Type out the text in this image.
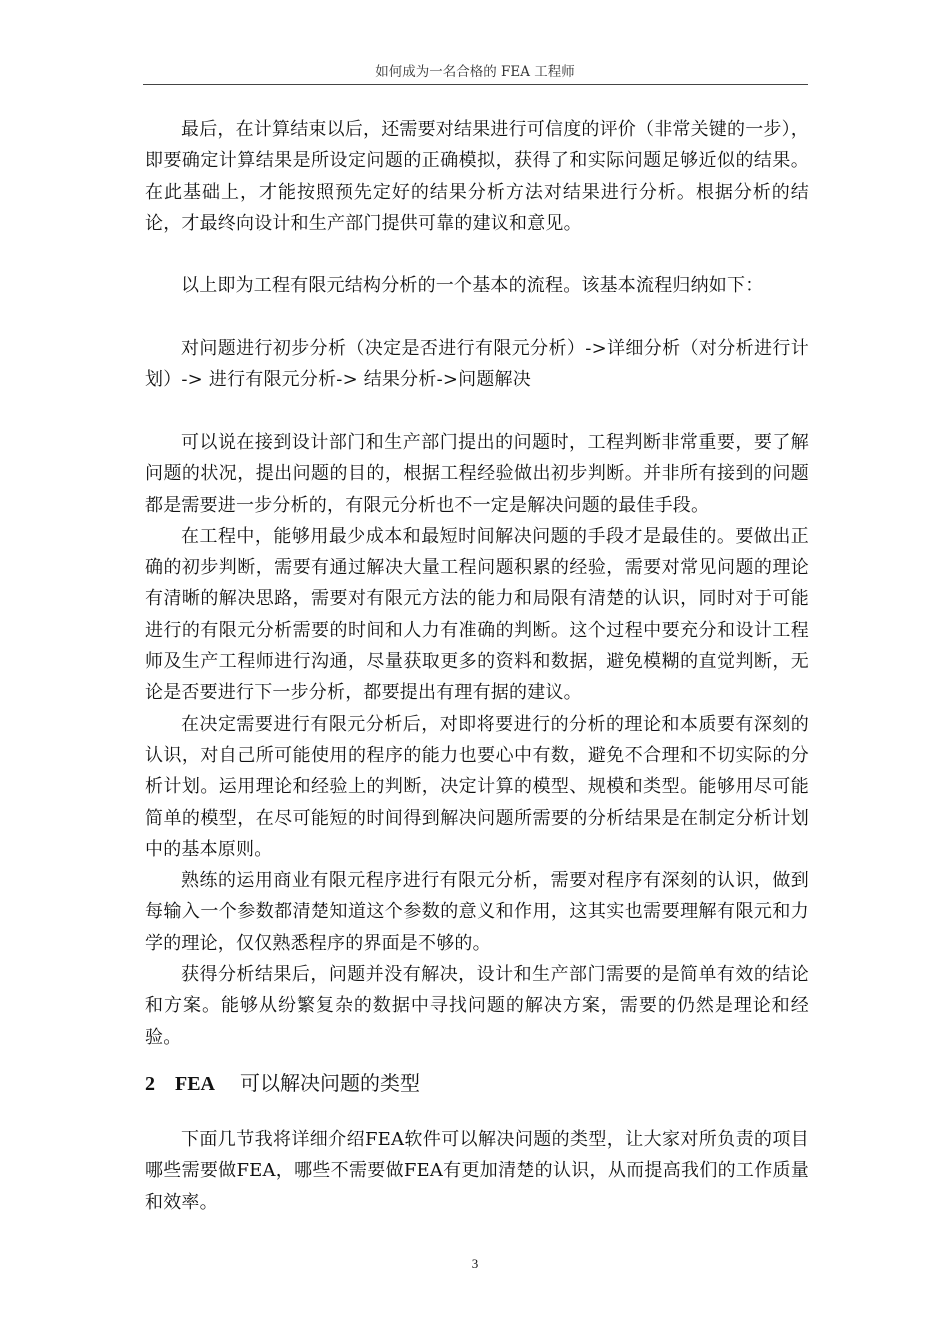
如何成为一名合格的 FEA 工程师

最后，在计算结束以后，还需要对结果进行可信度的评价（非常关键的一步），即要确定计算结果是所设定问题的正确模拟，获得了和实际问题足够近似的结果。在此基础上，才能按照预先定好的结果分析方法对结果进行分析。根据分析的结论，才最终向设计和生产部门提供可靠的建议和意见。

以上即为工程有限元结构分析的一个基本的流程。该基本流程归纳如下：

对问题进行初步分析（决定是否进行有限元分析）->详细分析（对分析进行计划）-> 进行有限元分析-> 结果分析->问题解决

可以说在接到设计部门和生产部门提出的问题时，工程判断非常重要，要了解问题的状况，提出问题的目的，根据工程经验做出初步判断。并非所有接到的问题都是需要进一步分析的，有限元分析也不一定是解决问题的最佳手段。

在工程中，能够用最少成本和最短时间解决问题的手段才是最佳的。要做出正确的初步判断，需要有通过解决大量工程问题积累的经验，需要对常见问题的理论有清晰的解决思路，需要对有限元方法的能力和局限有清楚的认识，同时对于可能进行的有限元分析需要的时间和人力有准确的判断。这个过程中要充分和设计工程师及生产工程师进行沟通，尽量获取更多的资料和数据，避免模糊的直觉判断，无论是否要进行下一步分析，都要提出有理有据的建议。

在决定需要进行有限元分析后，对即将要进行的分析的理论和本质要有深刻的认识，对自己所可能使用的程序的能力也要心中有数，避免不合理和不切实际的分析计划。运用理论和经验上的判断，决定计算的模型、规模和类型。能够用尽可能简单的模型，在尽可能短的时间得到解决问题所需要的分析结果是在制定分析计划中的基本原则。

熟练的运用商业有限元程序进行有限元分析，需要对程序有深刻的认识，做到每输入一个参数都清楚知道这个参数的意义和作用，这其实也需要理解有限元和力学的理论，仅仅熟悉程序的界面是不够的。

获得分析结果后，问题并没有解决，设计和生产部门需要的是简单有效的结论和方案。能够从纷繁复杂的数据中寻找问题的解决方案，需要的仍然是理论和经验。

2 FEA 可以解决问题的类型

下面几节我将详细介绍FEA软件可以解决问题的类型，让大家对所负责的项目哪些需要做FEA，哪些不需要做FEA有更加清楚的认识，从而提高我们的工作质量和效率。

3
